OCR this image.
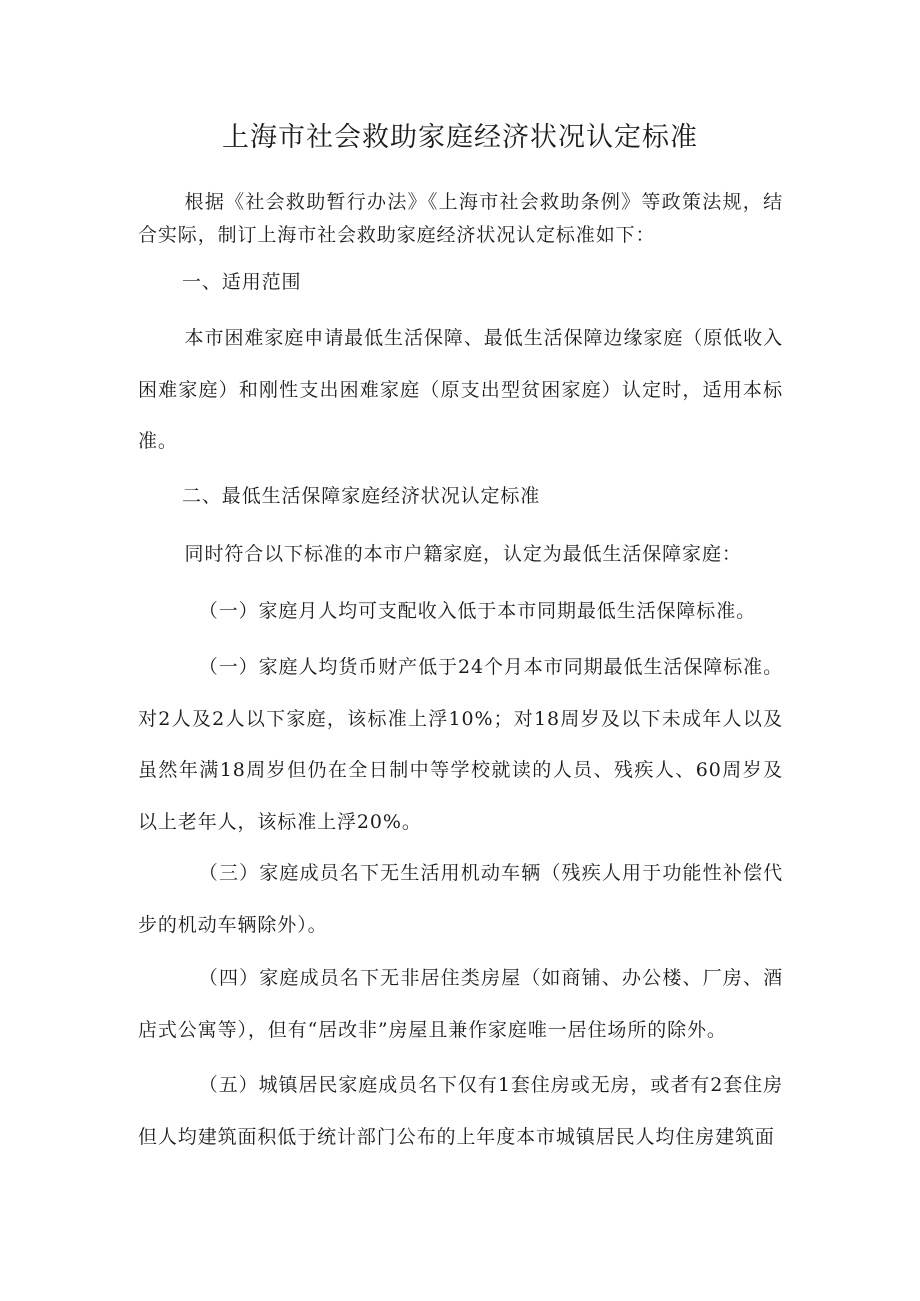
上海市社会救助家庭经济状况认定标准

根据《社会救助暂行办法》《上海市社会救助条例》等政策法规，结合实际，制订上海市社会救助家庭经济状况认定标准如下：

一、适用范围

本市困难家庭申请最低生活保障、最低生活保障边缘家庭（原低收入困难家庭）和刚性支出困难家庭（原支出型贫困家庭）认定时，适用本标准。

二、最低生活保障家庭经济状况认定标准

同时符合以下标准的本市户籍家庭，认定为最低生活保障家庭：

（一）家庭月人均可支配收入低于本市同期最低生活保障标准。

（一）家庭人均货币财产低于24个月本市同期最低生活保障标准。对2人及2人以下家庭，该标准上浮10%；对18周岁及以下未成年人以及虽然年满18周岁但仍在全日制中等学校就读的人员、残疾人、60周岁及以上老年人，该标准上浮20%。

（三）家庭成员名下无生活用机动车辆（残疾人用于功能性补偿代步的机动车辆除外）。

（四）家庭成员名下无非居住类房屋（如商铺、办公楼、厂房、酒店式公寓等），但有“居改非”房屋且兼作家庭唯一居住场所的除外。

（五）城镇居民家庭成员名下仅有1套住房或无房，或者有2套住房但人均建筑面积低于统计部门公布的上年度本市城镇居民人均住房建筑面
